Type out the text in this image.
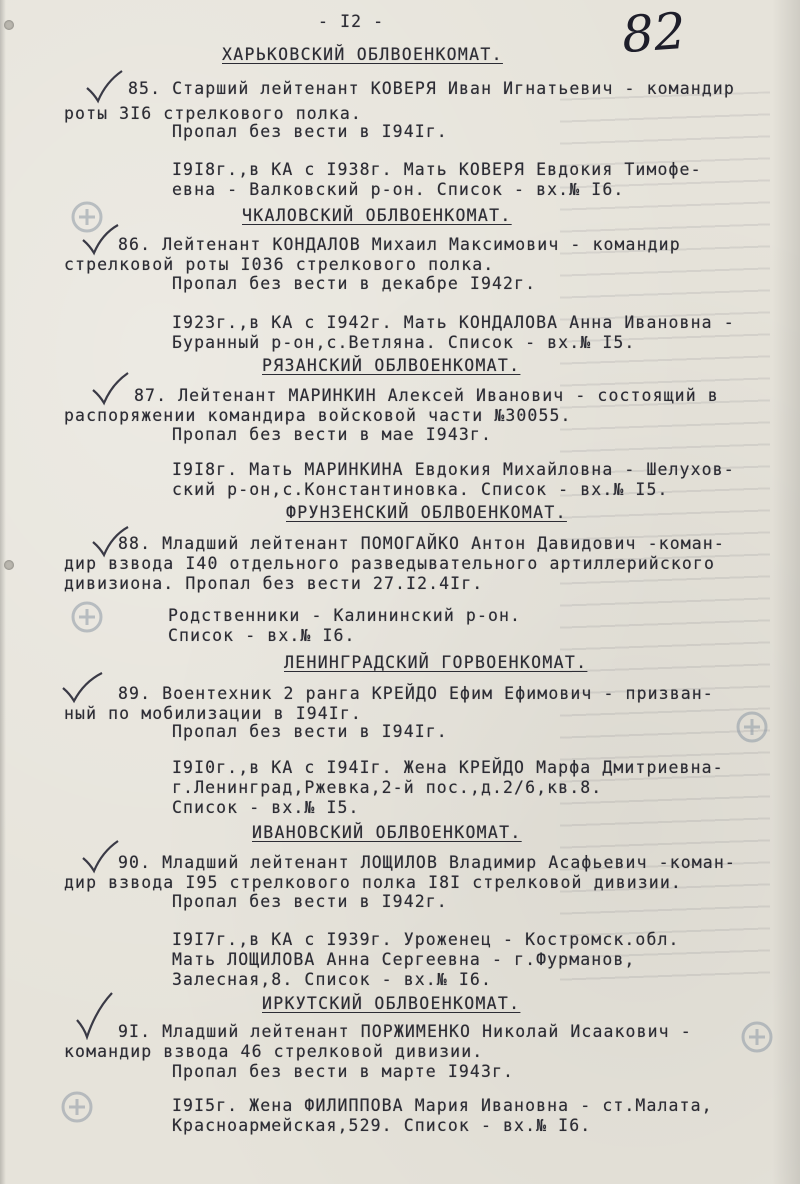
- I2 -	82
ХАРЬКОВСКИЙ ОБЛВОЕНКОМАТ.
85. Старший лейтенант КОВЕРЯ Иван Игнатьевич - командир
роты 3I6 стрелкового полка.
Пропал без вести в I94Iг.
I9I8г.,в КА с I938г. Мать КОВЕРЯ Евдокия Тимофе-
евна - Валковский р-он. Список - вх.№ I6.
ЧКАЛОВСКИЙ ОБЛВОЕНКОМАТ.
86. Лейтенант КОНДАЛОВ Михаил Максимович - командир
стрелковой роты I036 стрелкового полка.
Пропал без вести в декабре I942г.
I923г.,в КА с I942г. Мать КОНДАЛОВА Анна Ивановна -
Буранный р-он,с.Ветлянa. Список - вх.№ I5.
РЯЗАНСКИЙ ОБЛВОЕНКОМАТ.
87. Лейтенант МАРИНКИН Алексей Иванович - состоящий в
распоряжении командира войсковой части №30055.
Пропал без вести в мае I943г.
I9I8г. Мать МАРИНКИНА Евдокия Михайловна - Шелухов-
ский р-он,с.Константиновка. Список - вх.№ I5.
ФРУНЗЕНСКИЙ ОБЛВОЕНКОМАТ.
88. Младший лейтенант ПОМОГАЙКО Антон Давидович -коман-
дир взвода I40 отдельного разведывательного артиллерийского
дивизиона. Пропал без вести 27.I2.4Iг.
Родственники - Калининский р-он.
Список - вх.№ I6.
ЛЕНИНГРАДСКИЙ ГОРВОЕНКОМАТ.
89. Воентехник 2 ранга КРЕЙДО Ефим Ефимович - призван-
ный по мобилизации в I94Iг.
Пропал без вести в I94Iг.
I9I0г.,в КА с I94Iг. Жена КРЕЙДО Марфа Дмитриевна-
г.Ленинград,Ржевка,2-й пос.,д.2/6,кв.8.
Список - вх.№ I5.
ИВАНОВСКИЙ ОБЛВОЕНКОМАТ.
90. Младший лейтенант ЛОЩИЛОВ Владимир Асафьевич -коман-
дир взвода I95 стрелкового полка I8I стрелковой дивизии.
Пропал без вести в I942г.
I9I7г.,в КА с I939г. Уроженец - Костромск.обл.
Мать ЛОЩИЛОВА Анна Сергеевна - г.Фурманов,
Залесная,8. Список - вх.№ I6.
ИРКУТСКИЙ ОБЛВОЕНКОМАТ.
9I. Младший лейтенант ПОРЖИМЕНКО Николай Исаакович -
командир взвода 46 стрелковой дивизии.
Пропал без вести в марте I943г.
I9I5г. Жена ФИЛИППОВА Мария Ивановна - ст.Малата,
Красноармейская,529. Список - вх.№ I6.
